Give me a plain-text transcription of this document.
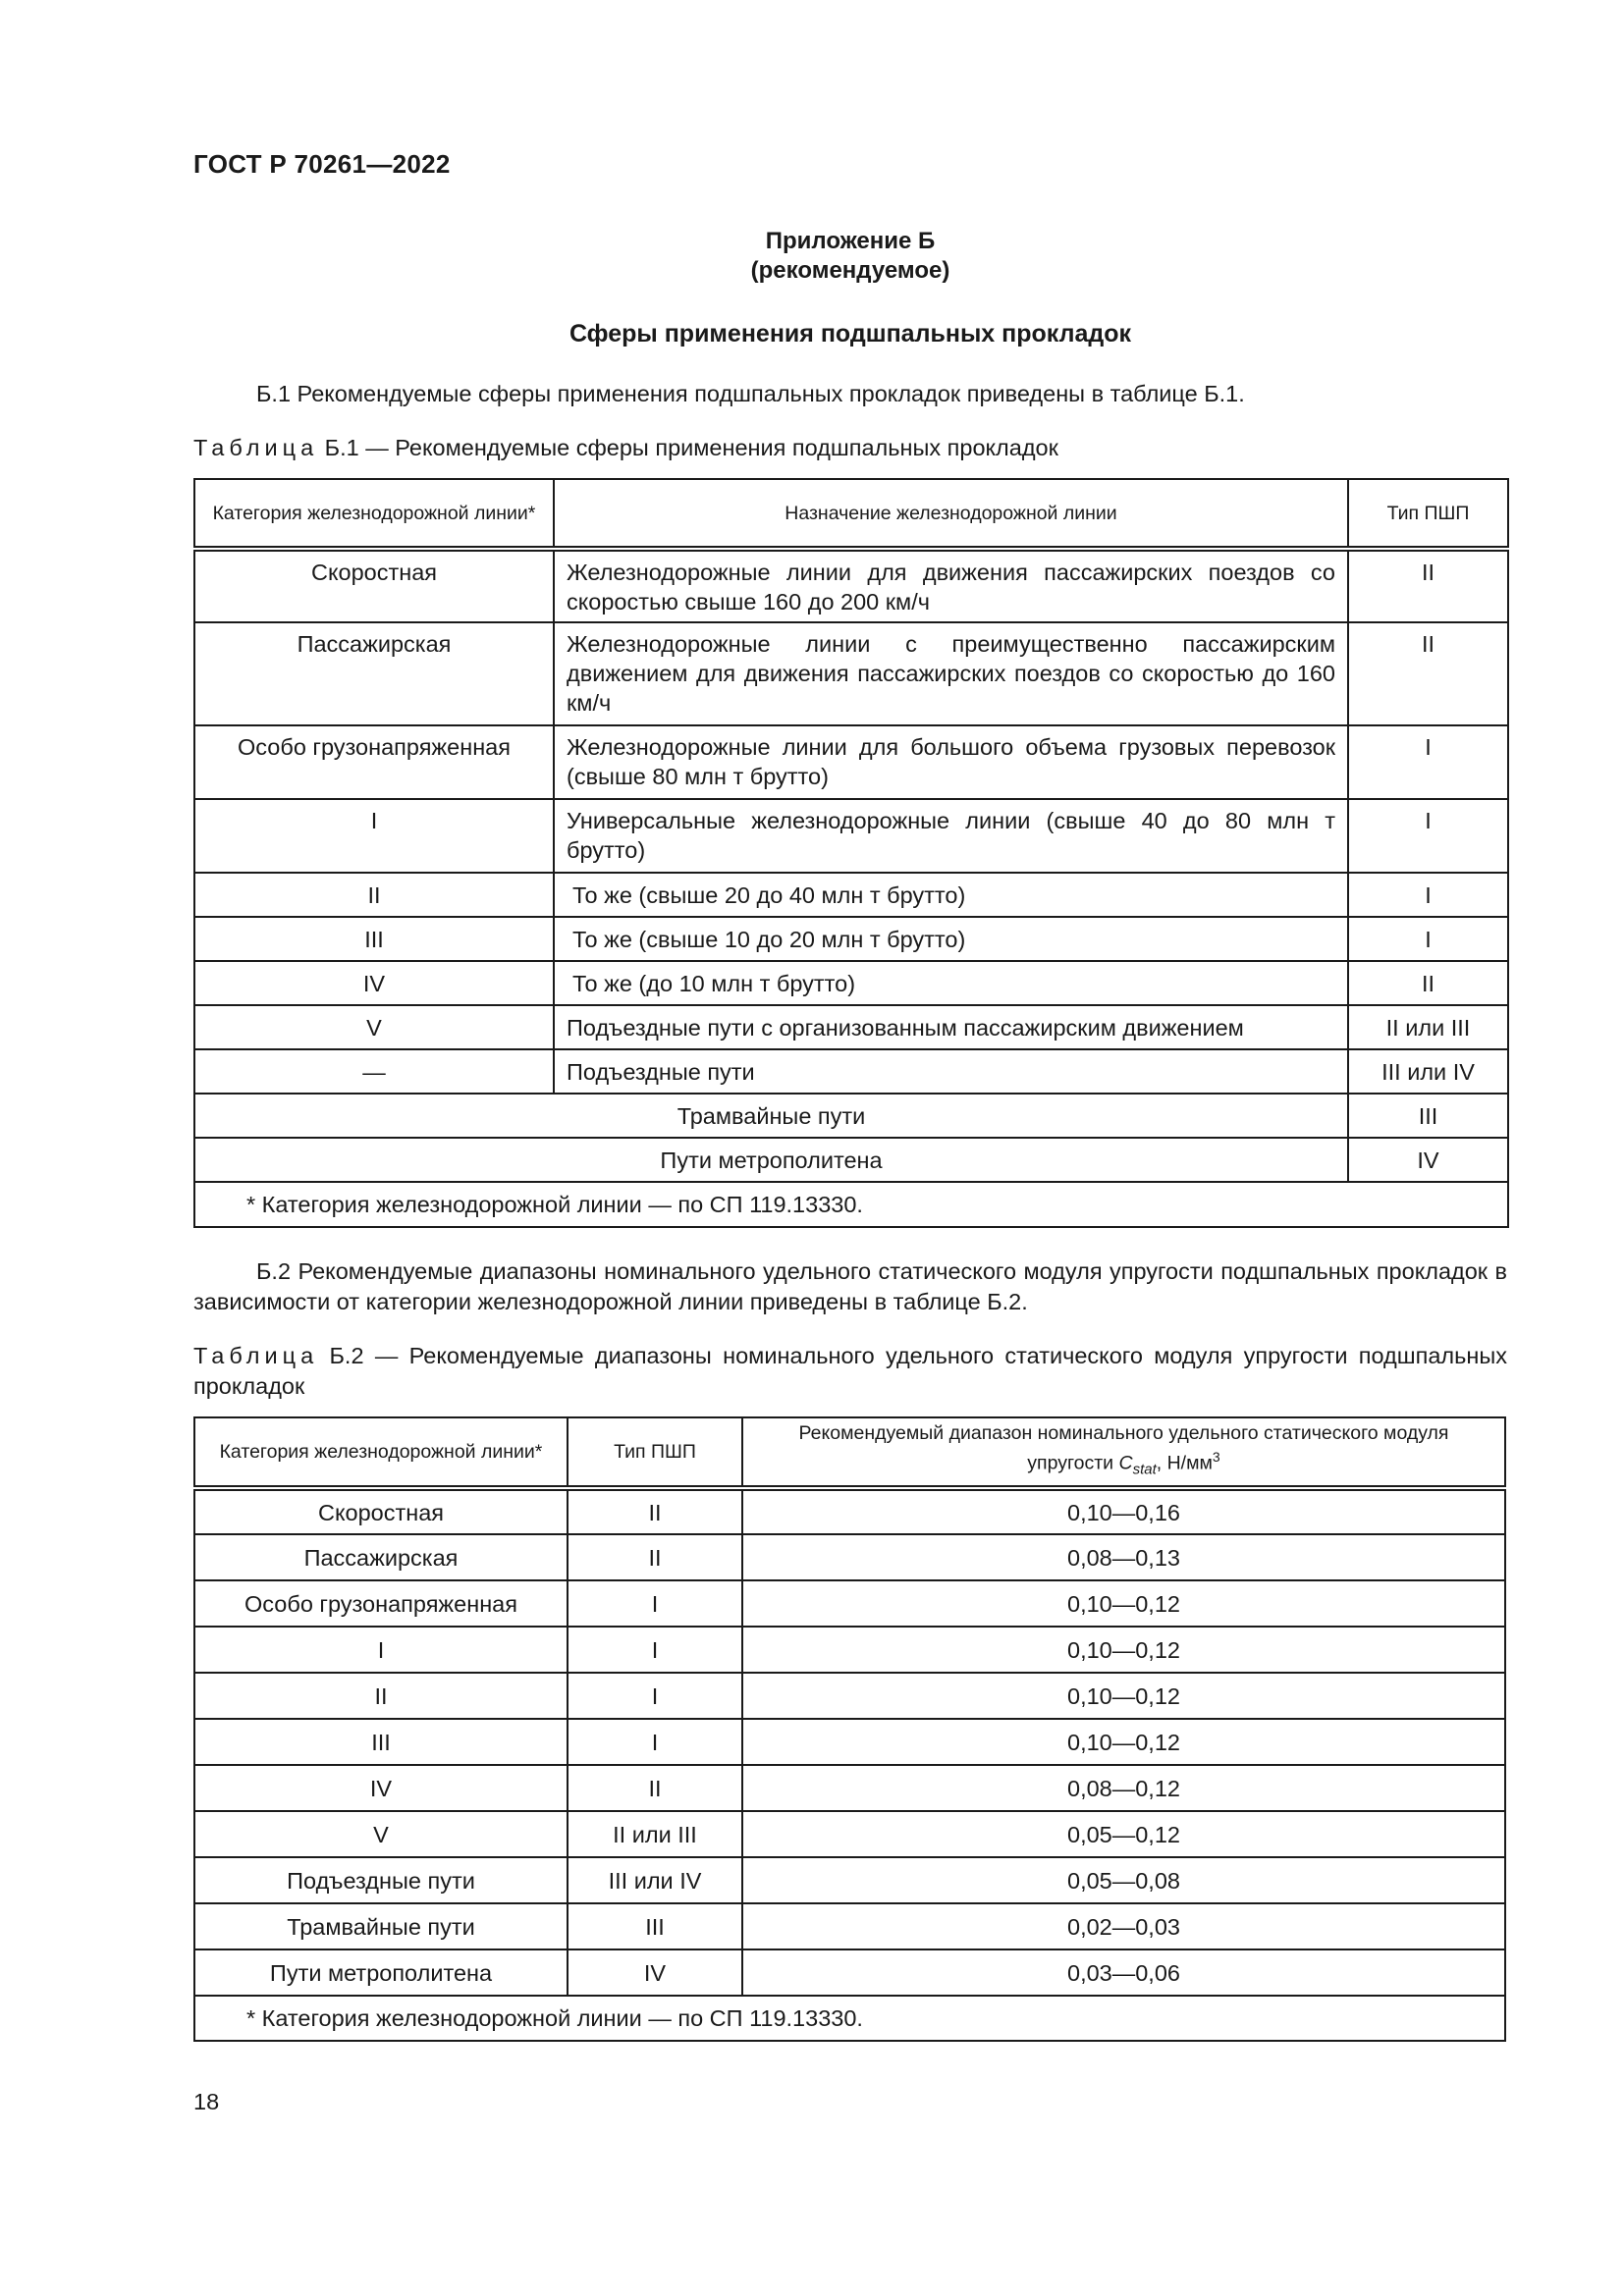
ГОСТ Р 70261—2022
Приложение Б
(рекомендуемое)
Сферы применения подшпальных прокладок
Б.1 Рекомендуемые сферы применения подшпальных прокладок приведены в таблице Б.1.
Таблица Б.1 — Рекомендуемые сферы применения подшпальных прокладок
Категория железнодорожной линии*	Назначение железнодорожной линии	Тип ПШП
Скоростная	Железнодорожные линии для движения пассажирских поездов со скоростью свыше 160 до 200 км/ч	II
Пассажирская	Железнодорожные линии с преимущественно пассажирским движением для движения пассажирских поездов со скоростью до 160 км/ч	II
Особо грузонапряженная	Железнодорожные линии для большого объема грузовых перевозок (свыше 80 млн т брутто)	I
I	Универсальные железнодорожные линии (свыше 40 до 80 млн т брутто)	I
II	То же (свыше 20 до 40 млн т брутто)	I
III	То же (свыше 10 до 20 млн т брутто)	I
IV	То же (до 10 млн т брутто)	II
V	Подъездные пути с организованным пассажирским движением	II или III
—	Подъездные пути	III или IV
Трамвайные пути		III
Пути метрополитена		IV
* Категория железнодорожной линии — по СП 119.13330.		
Б.2 Рекомендуемые диапазоны номинального удельного статического модуля упругости подшпальных прокладок в зависимости от категории железнодорожной линии приведены в таблице Б.2.
Таблица Б.2 — Рекомендуемые диапазоны номинального удельного статического модуля упругости подшпальных прокладок
Категория железнодорожной линии*	Тип ПШП	Рекомендуемый диапазон номинального удельного статического модуля упругости $C_{stat}$, $Н/мм^3$
Скоростная	II	0,10—0,16
Пассажирская	II	0,08—0,13
Особо грузонапряженная	I	0,10—0,12
I	I	0,10—0,12
II	I	0,10—0,12
III	I	0,10—0,12
IV	II	0,08—0,12
V	II или III	0,05—0,12
Подъездные пути	III или IV	0,05—0,08
Трамвайные пути	III	0,02—0,03
Пути метрополитена	IV	0,03—0,06
* Категория железнодорожной линии — по СП 119.13330.		
18
